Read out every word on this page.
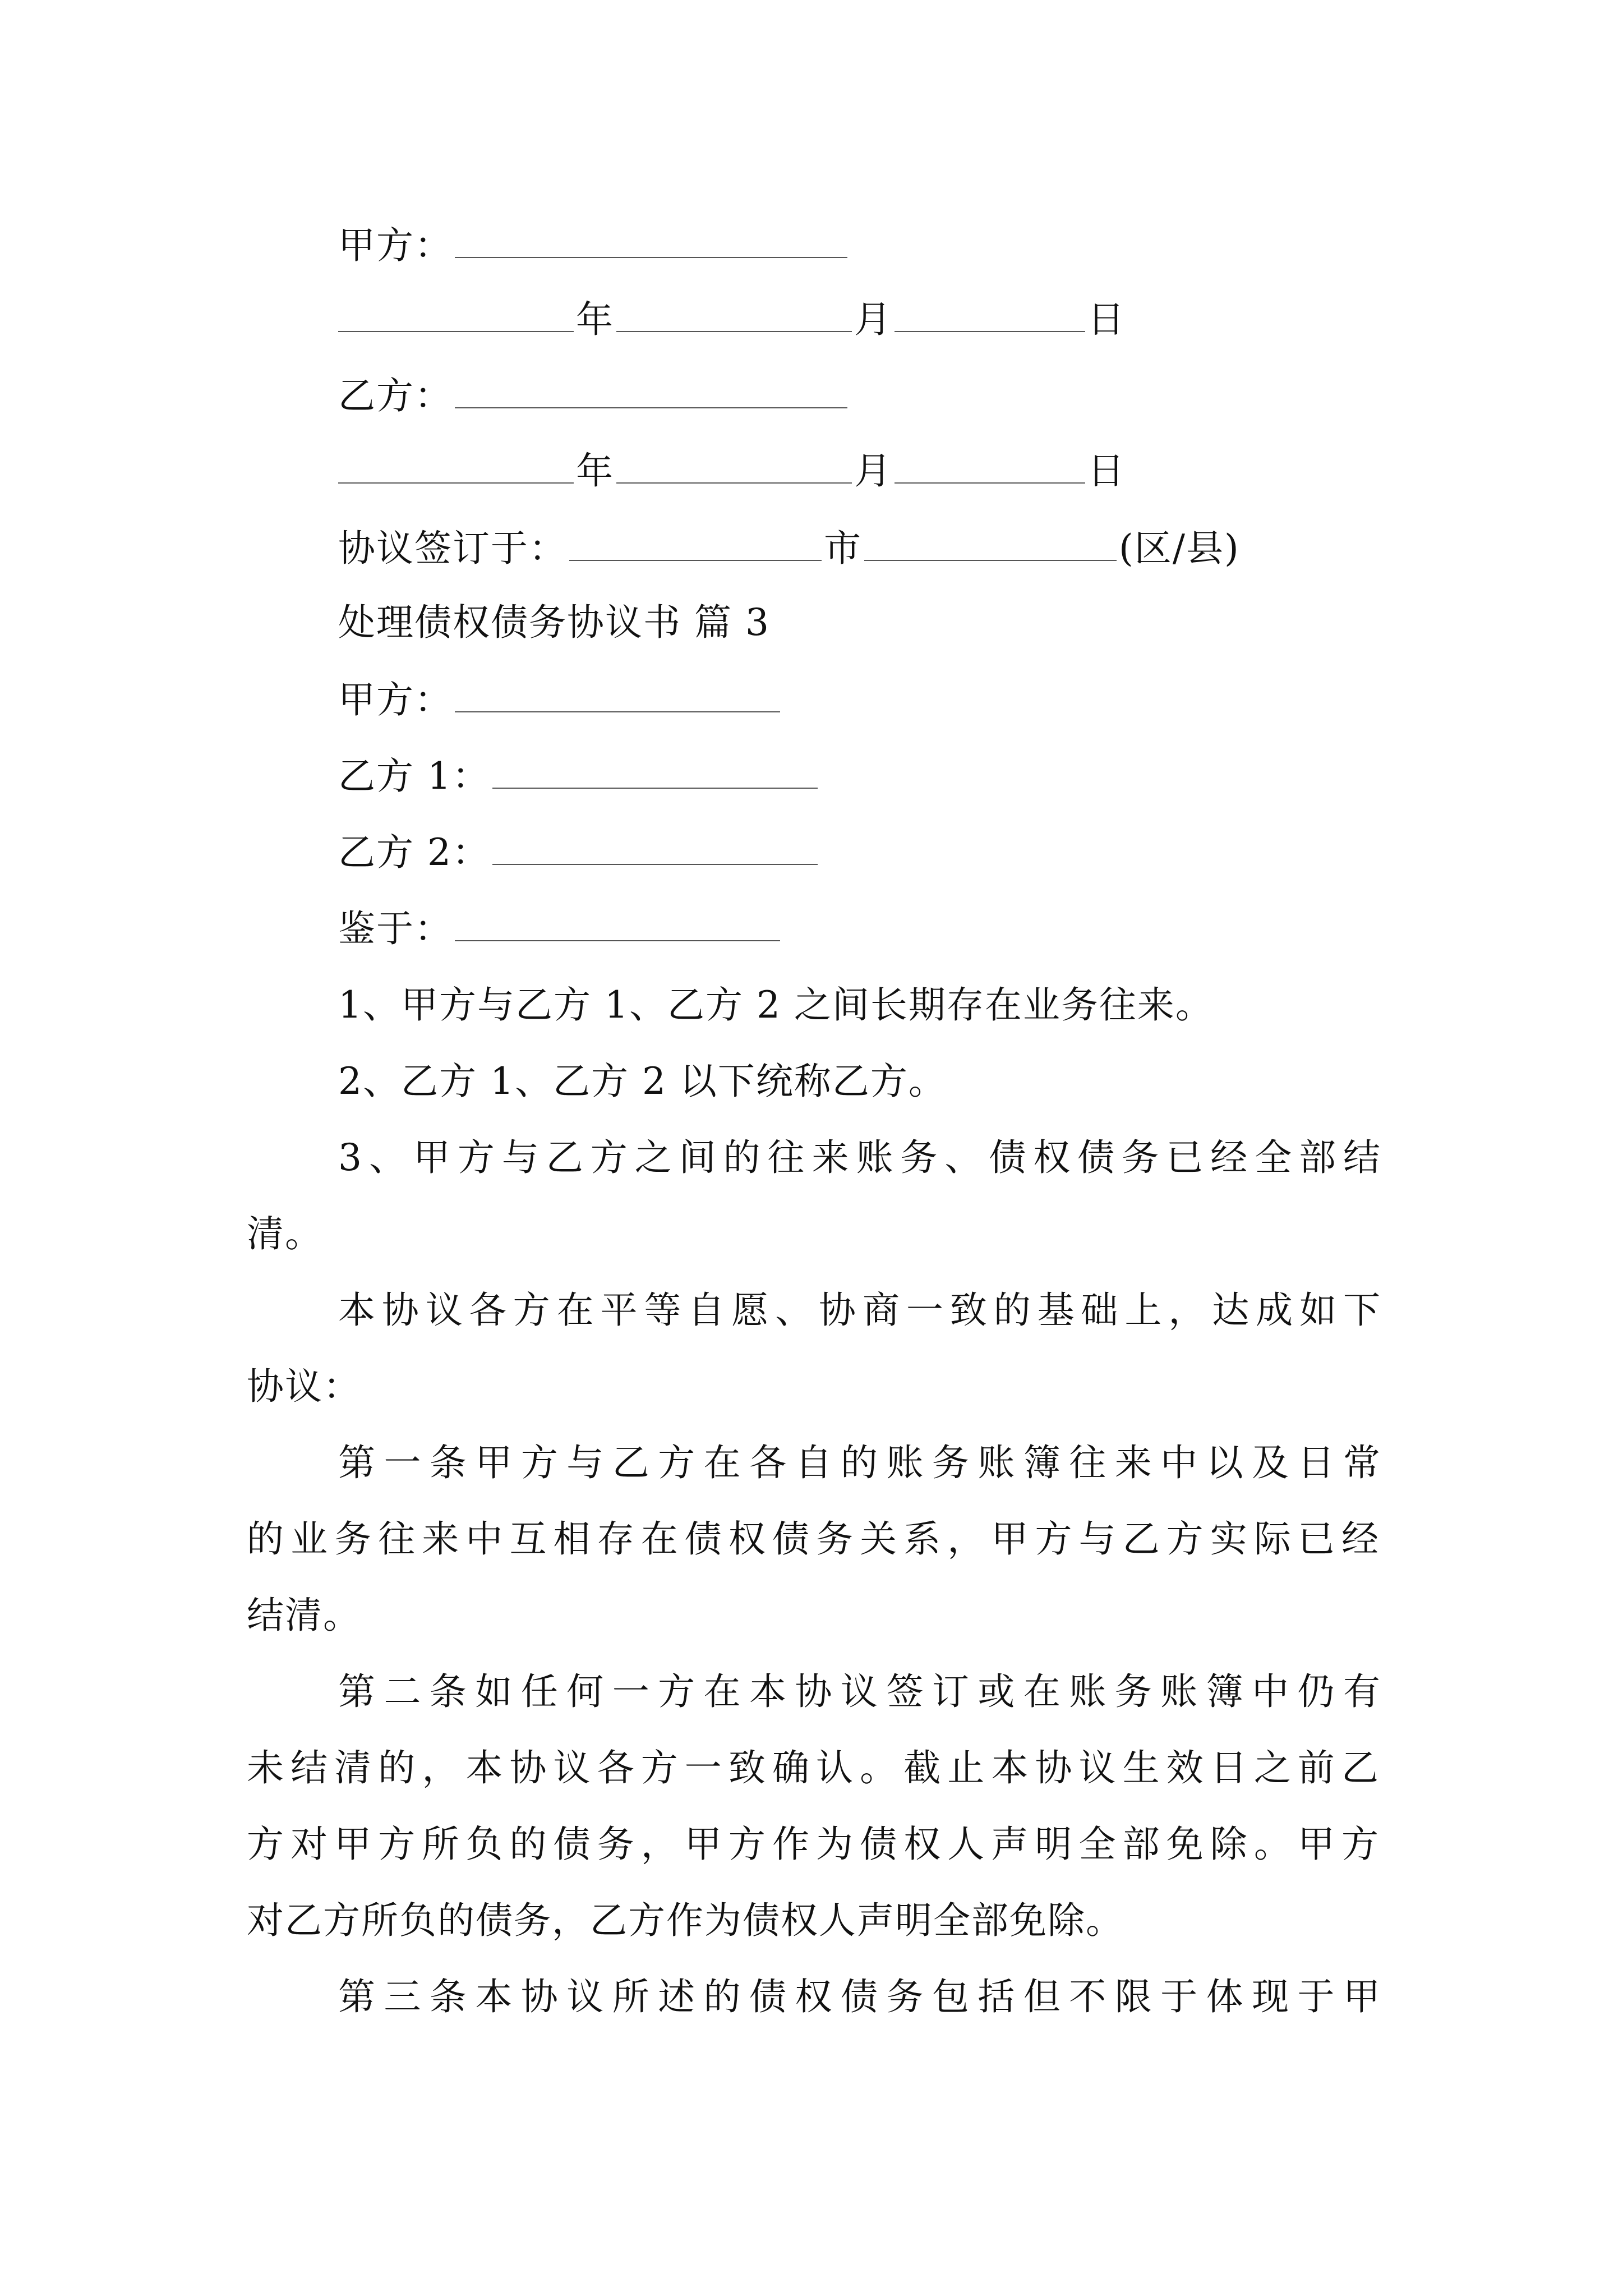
甲方：
年	月	日
乙方：
年	月	日
协议签订于：	市	(区/县)
处理债权债务协议书 篇 3
甲方：
乙方 1：
乙方 2：
鉴于：
1、甲方与乙方 1、乙方 2 之间长期存在业务往来。
2、乙方 1、乙方 2 以下统称乙方。
3、甲方与乙方之间的往来账务、债权债务已经全部结
清。
本协议各方在平等自愿、协商一致的基础上，达成如下
协议：
第一条甲方与乙方在各自的账务账簿往来中以及日常
的业务往来中互相存在债权债务关系，甲方与乙方实际已经
结清。
第二条如任何一方在本协议签订或在账务账簿中仍有
未结清的，本协议各方一致确认。截止本协议生效日之前乙
方对甲方所负的债务，甲方作为债权人声明全部免除。甲方
对乙方所负的债务，乙方作为债权人声明全部免除。
第三条本协议所述的债权债务包括但不限于体现于甲
